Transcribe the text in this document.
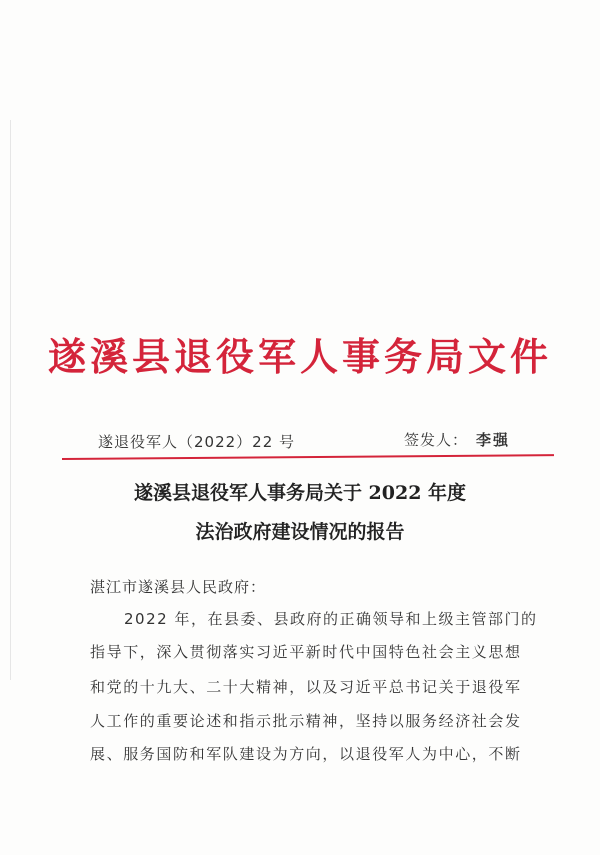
遂溪县退役军人事务局文件
遂退役军人（2022）22 号	签发人： 李强
遂溪县退役军人事务局关于 2022 年度
法治政府建设情况的报告
湛江市遂溪县人民政府：
2022 年，在县委、县政府的正确领导和上级主管部门的
指导下，深入贯彻落实习近平新时代中国特色社会主义思想
和党的十九大、二十大精神，以及习近平总书记关于退役军
人工作的重要论述和指示批示精神，坚持以服务经济社会发
展、服务国防和军队建设为方向，以退役军人为中心，不断
